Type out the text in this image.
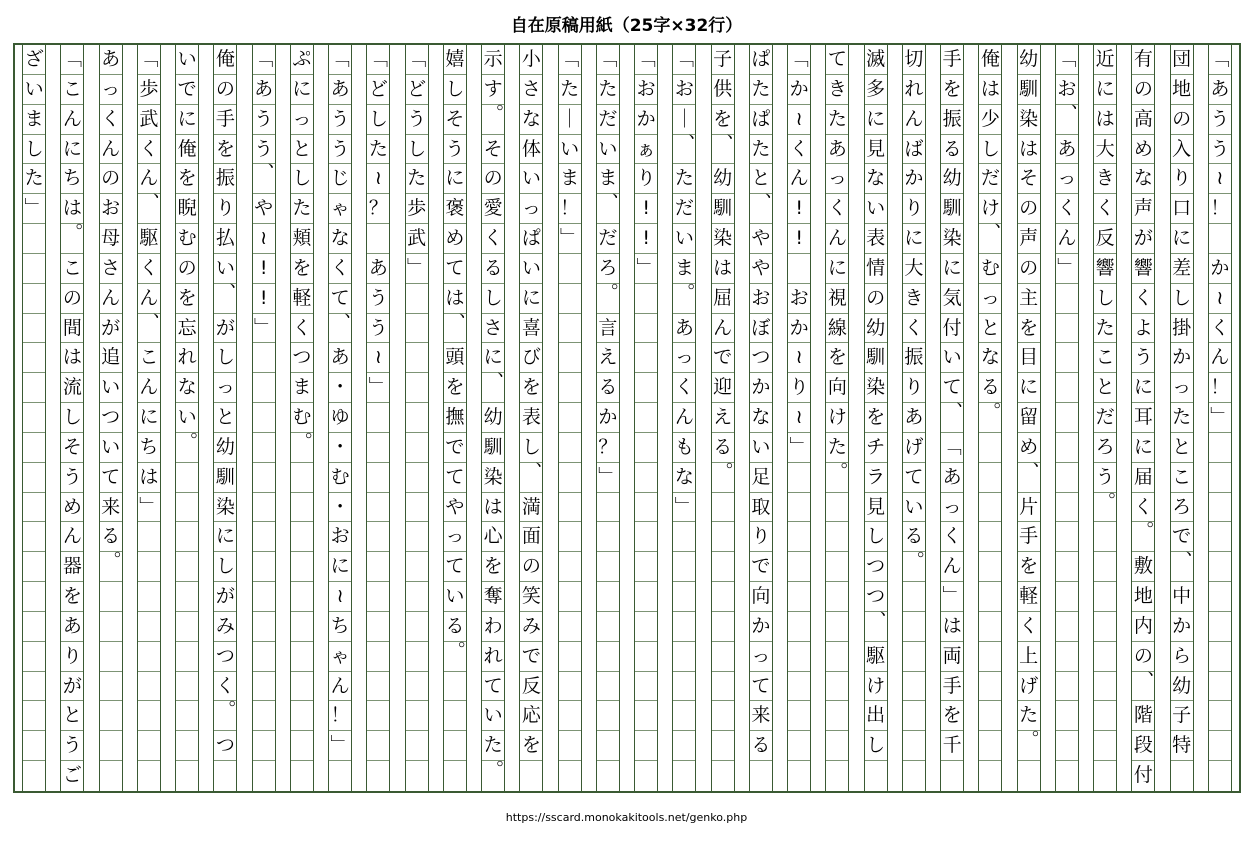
自在原稿用紙（25字×32行）
﹁
あ
う
う
≀
！

か
≀
く
ん
！
﹂
団
地
の
入
り
口
に
差
し
掛
か
っ
た
と
こ
ろ
で
︑
中
か
ら
幼
子
特
有
の
高
め
な
声
が
響
く
よ
う
に
耳
に
届
く
︒
敷
地
内
の
︑
階
段
付
近
に
は
大
き
く
反
響
し
た
こ
と
だ
ろ
う
︒
﹁
お
︑
あ
っ
く
ん
﹂
幼
馴
染
は
そ
の
声
の
主
を
目
に
留
め
︑
片
手
を
軽
く
上
げ
た
︒
俺
は
少
し
だ
け
︑
む
っ
と
な
る
︒
手
を
振
る
幼
馴
染
に
気
付
い
て
︑
﹁
あ
っ
く
ん
﹂
は
両
手
を
千
切
れ
ん
ば
か
り
に
大
き
く
振
り
あ
げ
て
い
る
︒
滅
多
に
見
な
い
表
情
の
幼
馴
染
を
チ
ラ
見
し
つ
つ
︑
駆
け
出
し
て
き
た
あ
っ
く
ん
に
視
線
を
向
け
た
︒
﹁
か
≀
く
ん
!
!

お
か
≀
り
≀
﹂
ぱ
た
ぱ
た
と
︑
や
や
お
ぼ
つ
か
な
い
足
取
り
で
向
か
っ
て
来
る
子
供
を
︑
幼
馴
染
は
屈
ん
で
迎
え
る
︒
﹁
お
｜
︑
た
だ
い
ま
︒
あ
っ
く
ん
も
な
﹂
﹁
お
か
ぁ
り
!
!
﹂
﹁
た
だ
い
ま
︑
だ
ろ
︒
言
え
る
か
？
﹂
﹁
た
｜
い
ま
！
﹂
小
さ
な
体
い
っ
ぱ
い
に
喜
び
を
表
し
︑
満
面
の
笑
み
で
反
応
を
示
す
︒
そ
の
愛
く
る
し
さ
に
︑
幼
馴
染
は
心
を
奪
わ
れ
て
い
た
︒
嬉
し
そ
う
に
褒
め
て
は
︑
頭
を
撫
で
て
や
っ
て
い
る
︒
﹁
ど
う
し
た
歩
武
﹂
﹁
ど
し
た
≀
？

あ
う
う
≀
﹂
﹁
あ
う
う
じ
ゃ
な
く
て
︑
あ
・
ゆ
・
む
・
お
に
≀
ち
ゃ
ん
！
﹂
ぷ
に
っ
と
し
た
頬
を
軽
く
つ
ま
む
︒
﹁
あ
う
う
︑
や
≀
!
!
﹂
俺
の
手
を
振
り
払
い
︑
が
し
っ
と
幼
馴
染
に
し
が
み
つ
く
︒
つ
い
で
に
俺
を
睨
む
の
を
忘
れ
な
い
︒
﹁
歩
武
く
ん
︑
駆
く
ん
︑
こ
ん
に
ち
は
﹂
あ
っ
く
ん
の
お
母
さ
ん
が
追
い
つ
い
て
来
る
︒
﹁
こ
ん
に
ち
は
︒
こ
の
間
は
流
し
そ
う
め
ん
器
を
あ
り
が
と
う
ご
ざ
い
ま
し
た
﹂
https://sscard.monokakitools.net/genko.php
